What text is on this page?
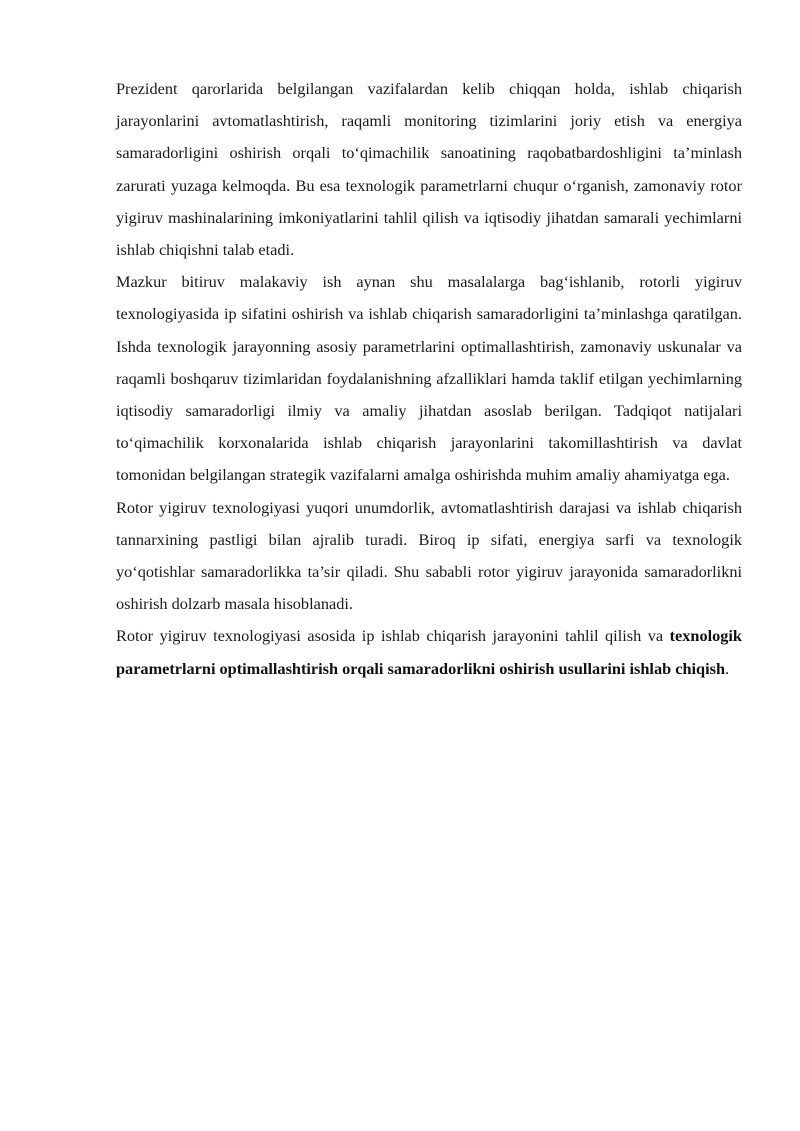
Prezident qarorlarida belgilangan vazifalardan kelib chiqqan holda, ishlab chiqarish jarayonlarini avtomatlashtirish, raqamli monitoring tizimlarini joriy etish va energiya samaradorligini oshirish orqali to‘qimachilik sanoatining raqobatbardoshligini ta’minlash zarurati yuzaga kelmoqda. Bu esa texnologik parametrlarni chuqur o‘rganish, zamonaviy rotor yigiruv mashinalarining imkoniyatlarini tahlil qilish va iqtisodiy jihatdan samarali yechimlarni ishlab chiqishni talab etadi.

Mazkur bitiruv malakaviy ish aynan shu masalalarga bag‘ishlanib, rotorli yigiruv texnologiyasida ip sifatini oshirish va ishlab chiqarish samaradorligini ta’minlashga qaratilgan. Ishda texnologik jarayonning asosiy parametrlarini optimallashtirish, zamonaviy uskunalar va raqamli boshqaruv tizimlaridan foydalanishning afzalliklari hamda taklif etilgan yechimlarning iqtisodiy samaradorligi ilmiy va amaliy jihatdan asoslab berilgan. Tadqiqot natijalari to‘qimachilik korxonalarida ishlab chiqarish jarayonlarini takomillashtirish va davlat tomonidan belgilangan strategik vazifalarni amalga oshirishda muhim amaliy ahamiyatga ega.

Rotor yigiruv texnologiyasi yuqori unumdorlik, avtomatlashtirish darajasi va ishlab chiqarish tannarxining pastligi bilan ajralib turadi. Biroq ip sifati, energiya sarfi va texnologik yo‘qotishlar samaradorlikka ta’sir qiladi. Shu sababli rotor yigiruv jarayonida samaradorlikni oshirish dolzarb masala hisoblanadi.

Rotor yigiruv texnologiyasi asosida ip ishlab chiqarish jarayonini tahlil qilish va texnologik parametrlarni optimallashtirish orqali samaradorlikni oshirish usullarini ishlab chiqish.
